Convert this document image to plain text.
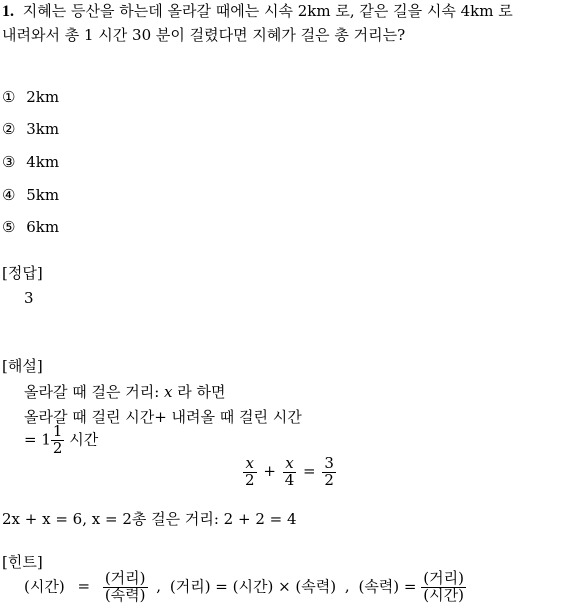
1. 지혜는 등산을 하는데 올라갈 때에는 시속 2km 로, 같은 길을 시속 4km 로
내려와서 총 1 시간 30 분이 걸렸다면 지혜가 걸은 총 거리는?
① 2km
② 3km
③ 4km
④ 5km
⑤ 6km
[정답]
3
[해설]
올라갈 때 걸은 거리: x 라 하면
올라갈 때 걸린 시간+ 내려올 때 걸린 시간
= $1 \frac{1}{2}$ 시간
$\frac{x}{2} + \frac{x}{4} = \frac{3}{2}$
2x + x = 6, x = 2총 걸은 거리: 2 + 2 = 4
[힌트]
(시간) = $\frac{\text{(거리)}}{\text{(속력)}}$ , (거리) = (시간) × (속력) , (속력) = $\frac{\text{(거리)}}{\text{(시간)}}$
